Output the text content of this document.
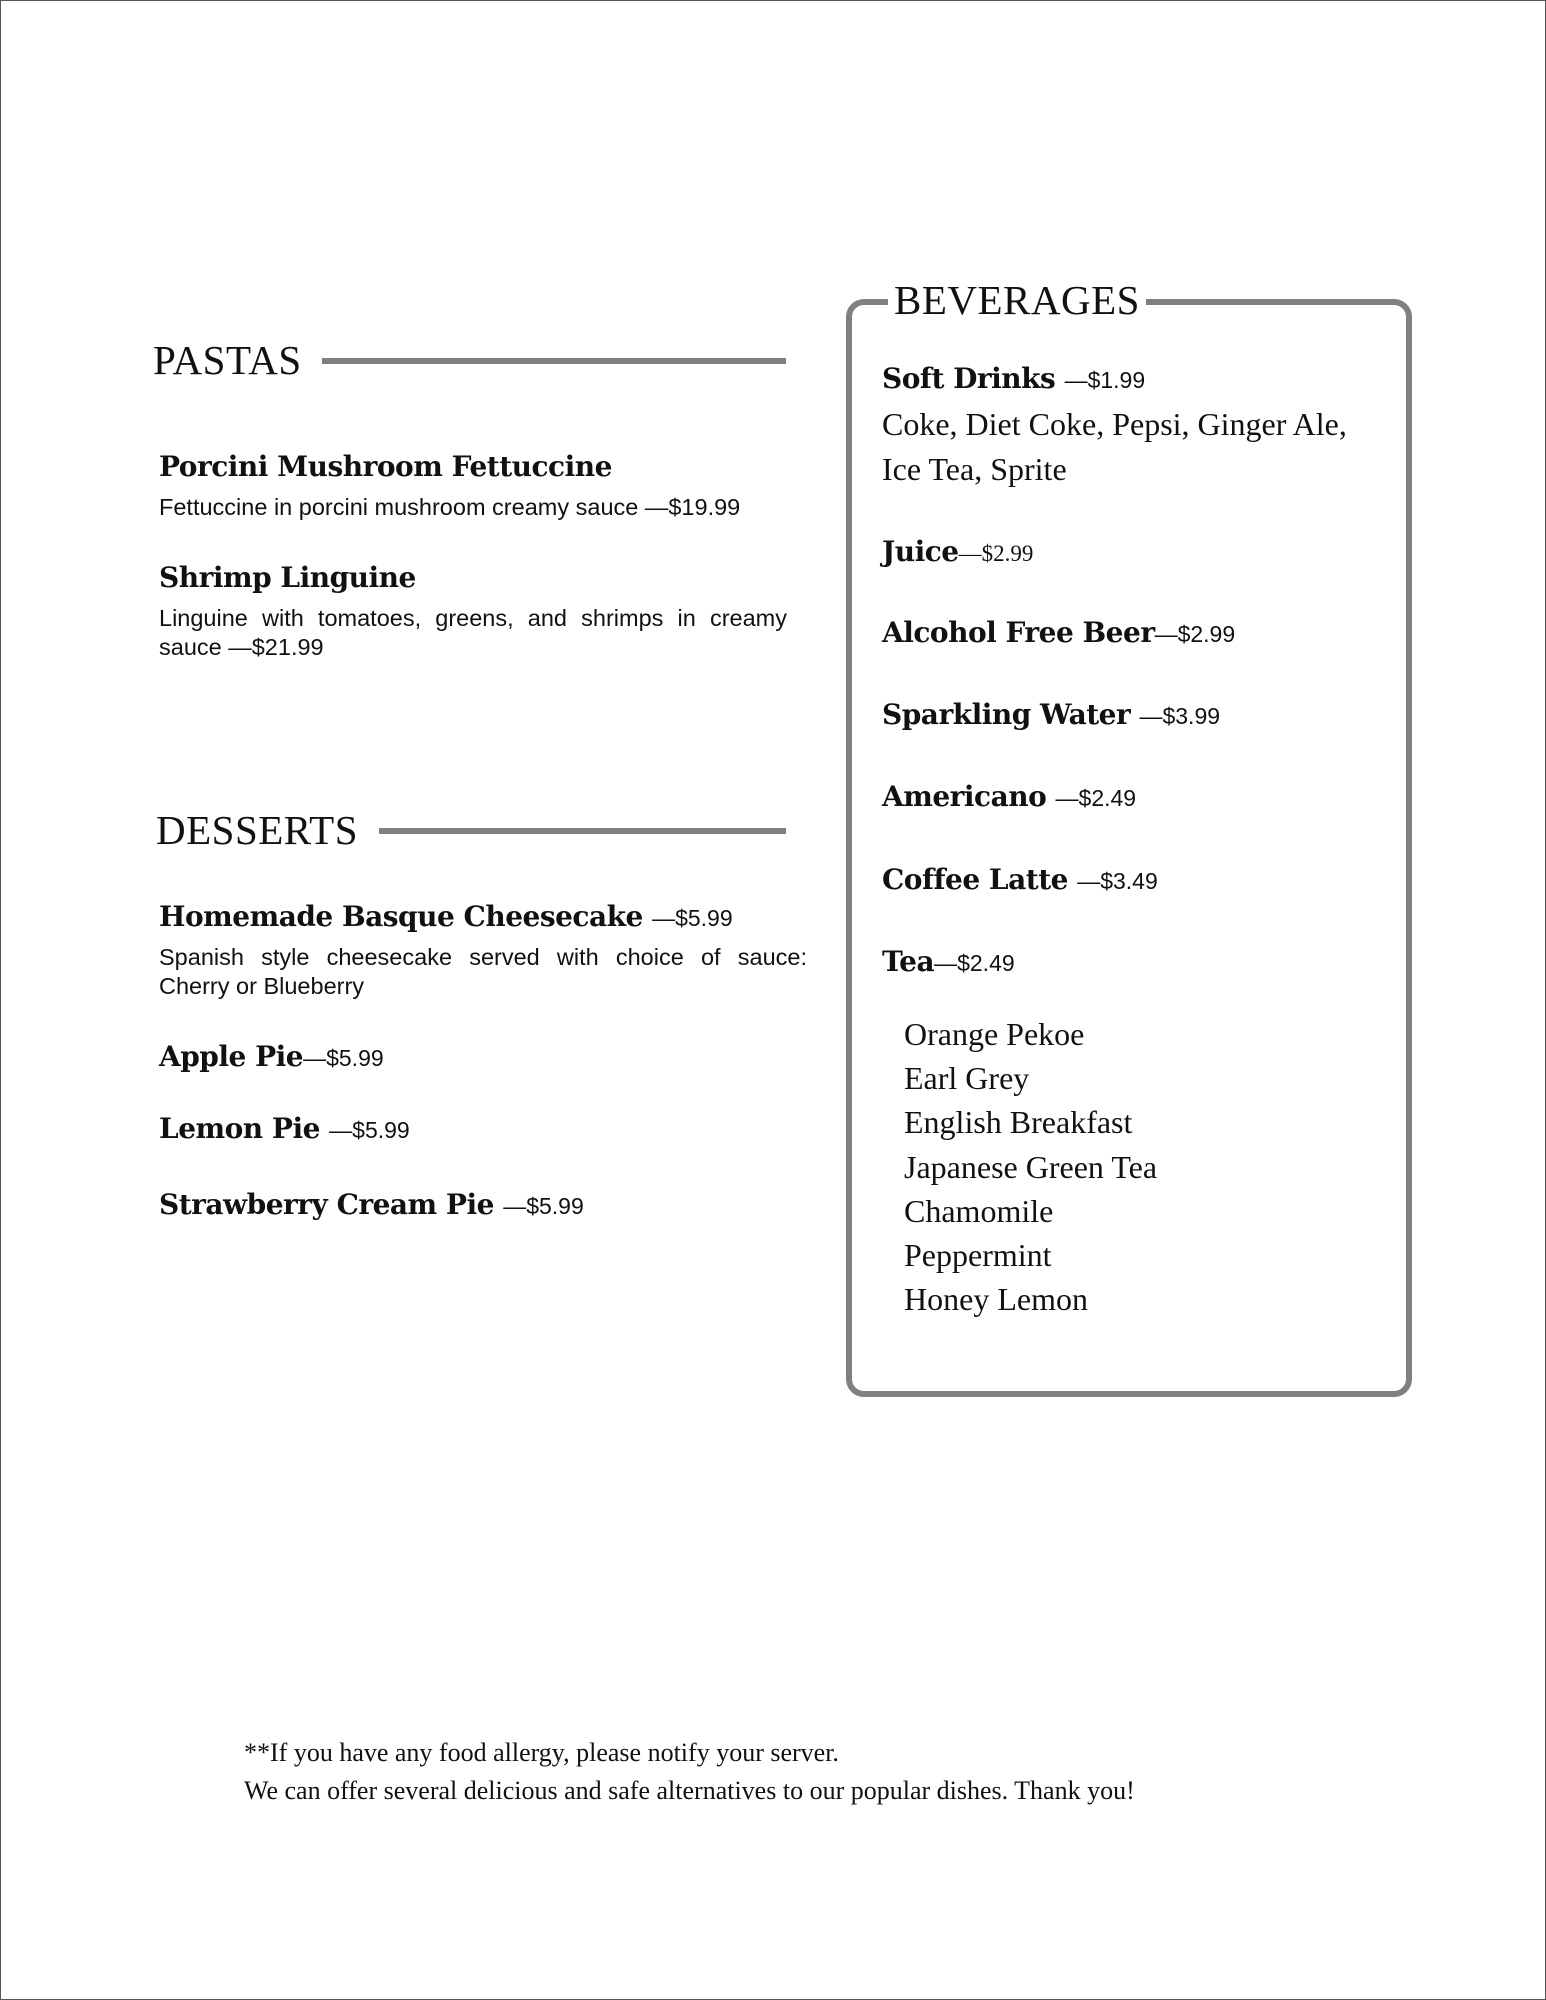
PASTAS
Porcini Mushroom Fettuccine
Fettuccine in porcini mushroom creamy sauce —$19.99
Shrimp Linguine
Linguine with tomatoes, greens, and shrimps in creamy sauce —$21.99
DESSERTS
Homemade Basque Cheesecake —$5.99
Spanish style cheesecake served with choice of sauce: Cherry or Blueberry
Apple Pie—$5.99
Lemon Pie —$5.99
Strawberry Cream Pie —$5.99
BEVERAGES
Soft Drinks —$1.99
Coke, Diet Coke, Pepsi, Ginger Ale, Ice Tea, Sprite
Juice—$2.99
Alcohol Free Beer—$2.99
Sparkling Water —$3.99
Americano —$2.49
Coffee Latte —$3.49
Tea—$2.49
Orange Pekoe
Earl Grey
English Breakfast
Japanese Green Tea
Chamomile
Peppermint
Honey Lemon
**If you have any food allergy, please notify your server.
We can offer several delicious and safe alternatives to our popular dishes. Thank you!
